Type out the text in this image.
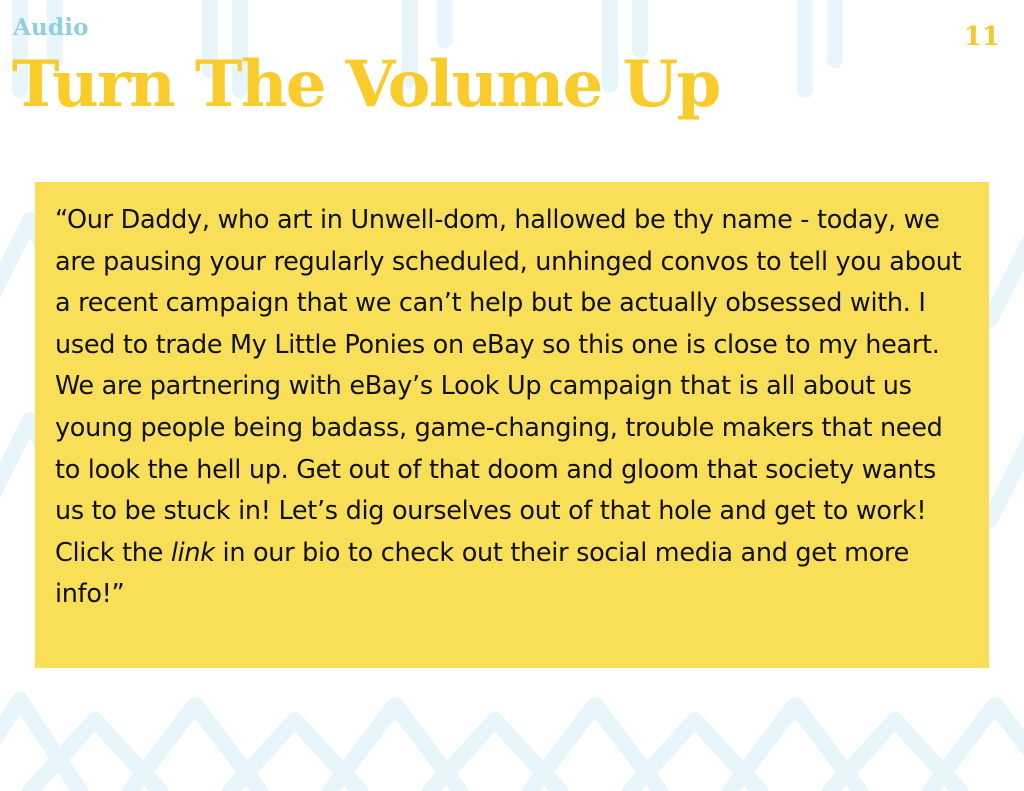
Audio	11
Turn The Volume Up

“Our Daddy, who art in Unwell-dom, hallowed be thy name - today, we are pausing your regularly scheduled, unhinged convos to tell you about a recent campaign that we can’t help but be actually obsessed with. I used to trade My Little Ponies on eBay so this one is close to my heart. We are partnering with eBay’s Look Up campaign that is all about us young people being badass, game-changing, trouble makers that need to look the hell up. Get out of that doom and gloom that society wants us to be stuck in! Let’s dig ourselves out of that hole and get to work! Click the link in our bio to check out their social media and get more info!”
